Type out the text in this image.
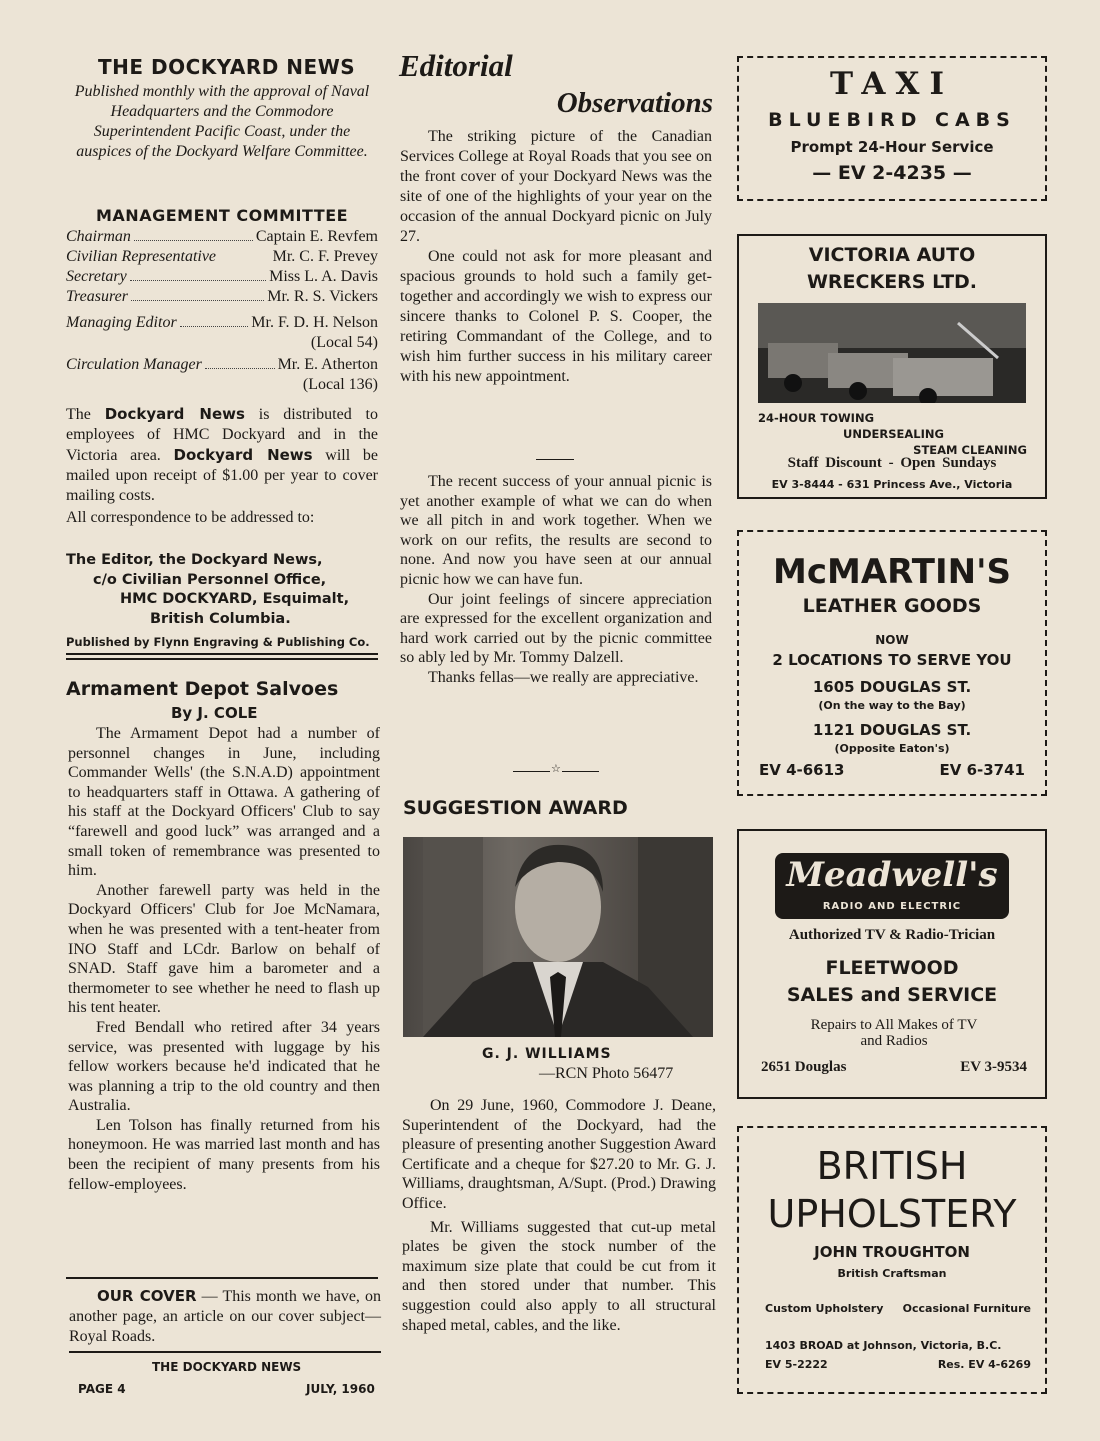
THE DOCKYARD NEWS
Published monthly with the approval of Naval Headquarters and the Commodore Superintendent Pacific Coast, under the auspices of the Dockyard Welfare Committee.
MANAGEMENT COMMITTEE
Chairman	Captain E. Revfem
Civilian Representative	Mr. C. F. Prevey
Secretary	Miss L. A. Davis
Treasurer	Mr. R. S. Vickers
Managing Editor	Mr. F. D. H. Nelson
(Local 54)
Circulation Manager	Mr. E. Atherton
(Local 136)
The Dockyard News is distributed to employees of HMC Dockyard and in the Victoria area. Dockyard News will be mailed upon receipt of $1.00 per year to cover mailing costs.
All correspondence to be addressed to:
The Editor, the Dockyard News,
c/o Civilian Personnel Office,
HMC DOCKYARD, Esquimalt,
British Columbia.
Published by Flynn Engraving & Publishing Co.
Armament Depot Salvoes
By J. COLE

The Armament Depot had a number of personnel changes in June, including Commander Wells' (the S.N.A.D) appointment to headquarters staff in Ottawa. A gathering of his staff at the Dockyard Officers' Club to say “farewell and good luck” was arranged and a small token of remembrance was presented to him.

Another farewell party was held in the Dockyard Officers' Club for Joe McNamara, when he was presented with a tent-heater from INO Staff and LCdr. Barlow on behalf of SNAD. Staff gave him a barometer and a thermometer to see whether he need to flash up his tent heater.

Fred Bendall who retired after 34 years service, was presented with luggage by his fellow workers because he'd indicated that he was planning a trip to the old country and then Australia.

Len Tolson has finally returned from his honeymoon. He was married last month and has been the recipient of many presents from his fellow-employees.

OUR COVER — This month we have, on another page, an article on our cover subject—Royal Roads.
THE DOCKYARD NEWS
PAGE 4	JULY, 1960
Editorial
Observations

The striking picture of the Canadian Services College at Royal Roads that you see on the front cover of your Dockyard News was the site of one of the highlights of your year on the occasion of the annual Dockyard picnic on July 27.

One could not ask for more pleasant and spacious grounds to hold such a family get-together and accordingly we wish to express our sincere thanks to Colonel P. S. Cooper, the retiring Commandant of the College, and to wish him further success in his military career with his new appointment.

The recent success of your annual picnic is yet another example of what we can do when we all pitch in and work together. When we work on our refits, the results are second to none. And now you have seen at our annual picnic how we can have fun.

Our joint feelings of sincere appreciation are expressed for the excellent organization and hard work carried out by the picnic committee so ably led by Mr. Tommy Dalzell.

Thanks fellas—we really are appreciative.

☆
SUGGESTION AWARD
G. J. WILLIAMS
—RCN Photo 56477

On 29 June, 1960, Commodore J. Deane, Superintendent of the Dockyard, had the pleasure of presenting another Suggestion Award Certificate and a cheque for $27.20 to Mr. G. J. Williams, draughtsman, A/Supt. (Prod.) Drawing Office.

Mr. Williams suggested that cut-up metal plates be given the stock number of the maximum size plate that could be cut from it and then stored under that number. This suggestion could also apply to all structural shaped metal, cables, and the like.

TAXI
BLUEBIRD CABS
Prompt 24-Hour Service
— EV 2-4235 —
VICTORIA AUTO
WRECKERS LTD.
24-HOUR TOWING
UNDERSEALING
STEAM CLEANING
Staff Discount - Open Sundays
EV 3-8444 - 631 Princess Ave., Victoria
McMARTIN'S
LEATHER GOODS
NOW
2 LOCATIONS TO SERVE YOU
1605 DOUGLAS ST.
(On the way to the Bay)
1121 DOUGLAS ST.
(Opposite Eaton's)
EV 4-6613	EV 6-3741
Meadwell's
RADIO AND ELECTRIC
Authorized TV & Radio-Trician
FLEETWOOD
SALES and SERVICE
Repairs to All Makes of TV and Radios
2651 Douglas	EV 3-9534
BRITISH
UPHOLSTERY
JOHN TROUGHTON
British Craftsman
Custom Upholstery Occasional Furniture
1403 BROAD at Johnson, Victoria, B.C.
EV 5-2222	Res. EV 4-6269
